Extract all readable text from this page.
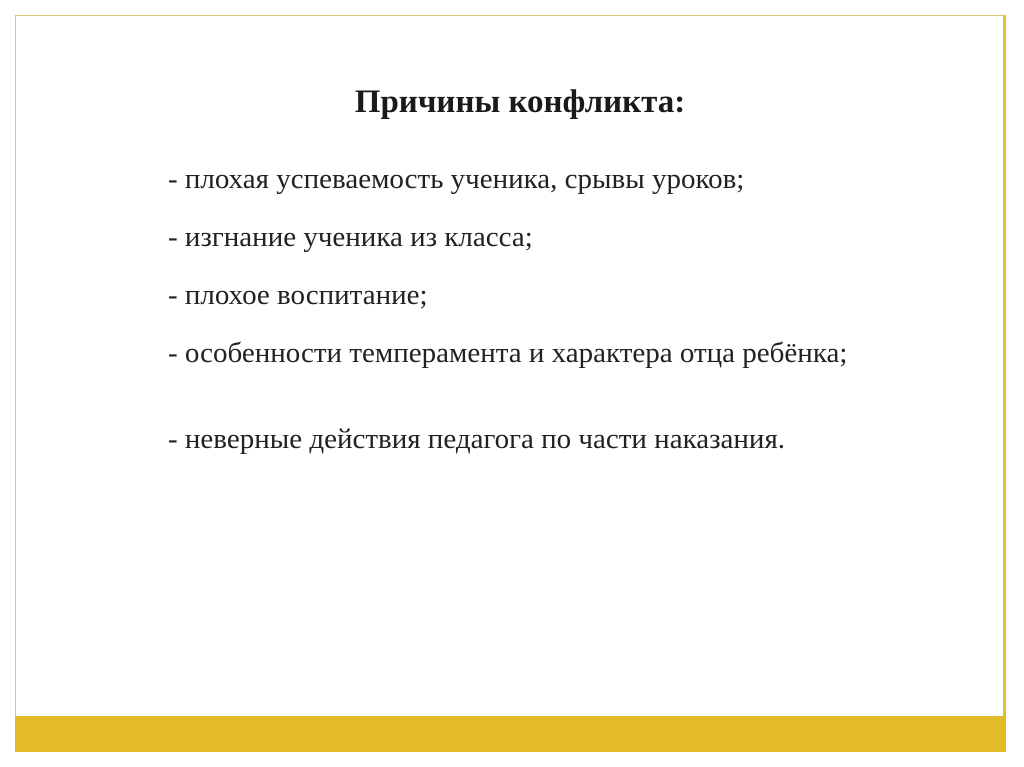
Причины конфликта:
- плохая успеваемость ученика, срывы уроков;
- изгнание ученика из класса;
- плохое воспитание;
- особенности темперамента и характера отца ребёнка;
- неверные действия педагога по части наказания.
